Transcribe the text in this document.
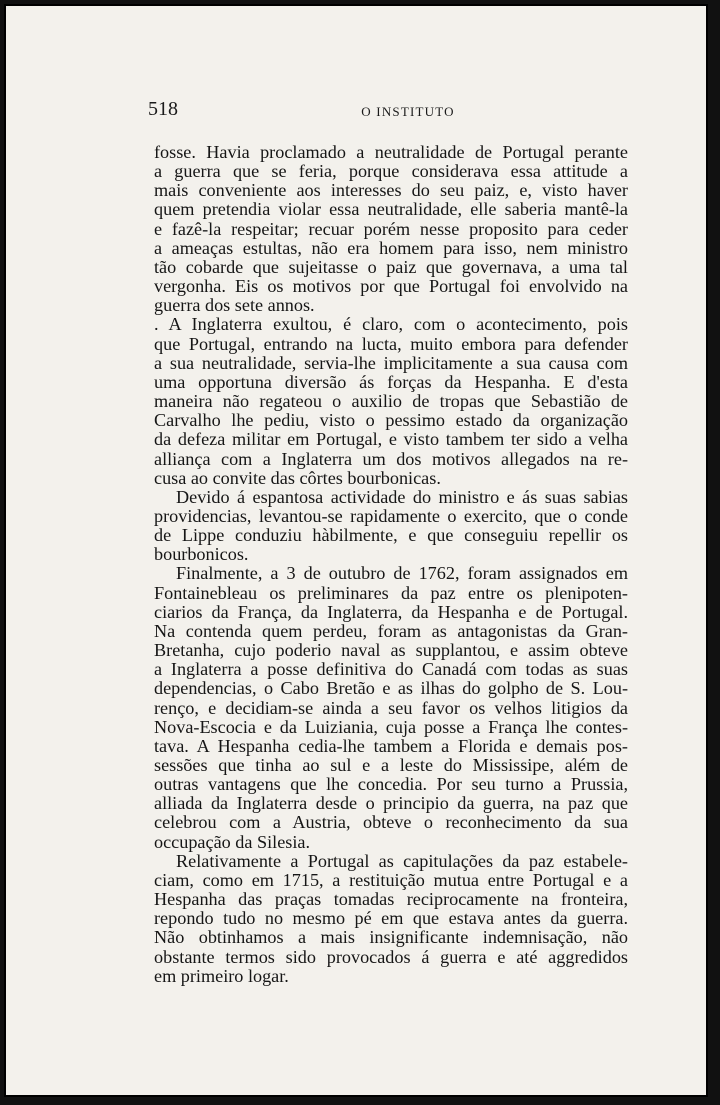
518	O INSTITUTO

fosse. Havia proclamado a neutralidade de Portugal perante
a guerra que se feria, porque considerava essa attitude a
mais conveniente aos interesses do seu paiz, e, visto haver
quem pretendia violar essa neutralidade, elle saberia mantê-la
e fazê-la respeitar; recuar porém nesse proposito para ceder
a ameaças estultas, não era homem para isso, nem ministro
tão cobarde que sujeitasse o paiz que governava, a uma tal
vergonha. Eis os motivos por que Portugal foi envolvido na
guerra dos sete annos.

. A Inglaterra exultou, é claro, com o acontecimento, pois
que Portugal, entrando na lucta, muito embora para defender
a sua neutralidade, servia-lhe implicitamente a sua causa com
uma opportuna diversão ás forças da Hespanha. E d'esta
maneira não regateou o auxilio de tropas que Sebastião de
Carvalho lhe pediu, visto o pessimo estado da organização
da defeza militar em Portugal, e visto tambem ter sido a velha
alliança com a Inglaterra um dos motivos allegados na re-
cusa ao convite das côrtes bourbonicas.

Devido á espantosa actividade do ministro e ás suas sabias
providencias, levantou-se rapidamente o exercito, que o conde
de Lippe conduziu hàbilmente, e que conseguiu repellir os
bourbonicos.

Finalmente, a 3 de outubro de 1762, foram assignados em
Fontainebleau os preliminares da paz entre os plenipoten-
ciarios da França, da Inglaterra, da Hespanha e de Portugal.
Na contenda quem perdeu, foram as antagonistas da Gran-
Bretanha, cujo poderio naval as supplantou, e assim obteve
a Inglaterra a posse definitiva do Canadá com todas as suas
dependencias, o Cabo Bretão e as ilhas do golpho de S. Lou-
renço, e decidiam-se ainda a seu favor os velhos litigios da
Nova-Escocia e da Luiziania, cuja posse a França lhe contes-
tava. A Hespanha cedia-lhe tambem a Florida e demais pos-
sessões que tinha ao sul e a leste do Mississipe, além de
outras vantagens que lhe concedia. Por seu turno a Prussia,
alliada da Inglaterra desde o principio da guerra, na paz que
celebrou com a Austria, obteve o reconhecimento da sua
occupação da Silesia.

Relativamente a Portugal as capitulações da paz estabele-
ciam, como em 1715, a restituição mutua entre Portugal e a
Hespanha das praças tomadas reciprocamente na fronteira,
repondo tudo no mesmo pé em que estava antes da guerra.
Não obtinhamos a mais insignificante indemnisação, não
obstante termos sido provocados á guerra e até aggredidos
em primeiro logar.
